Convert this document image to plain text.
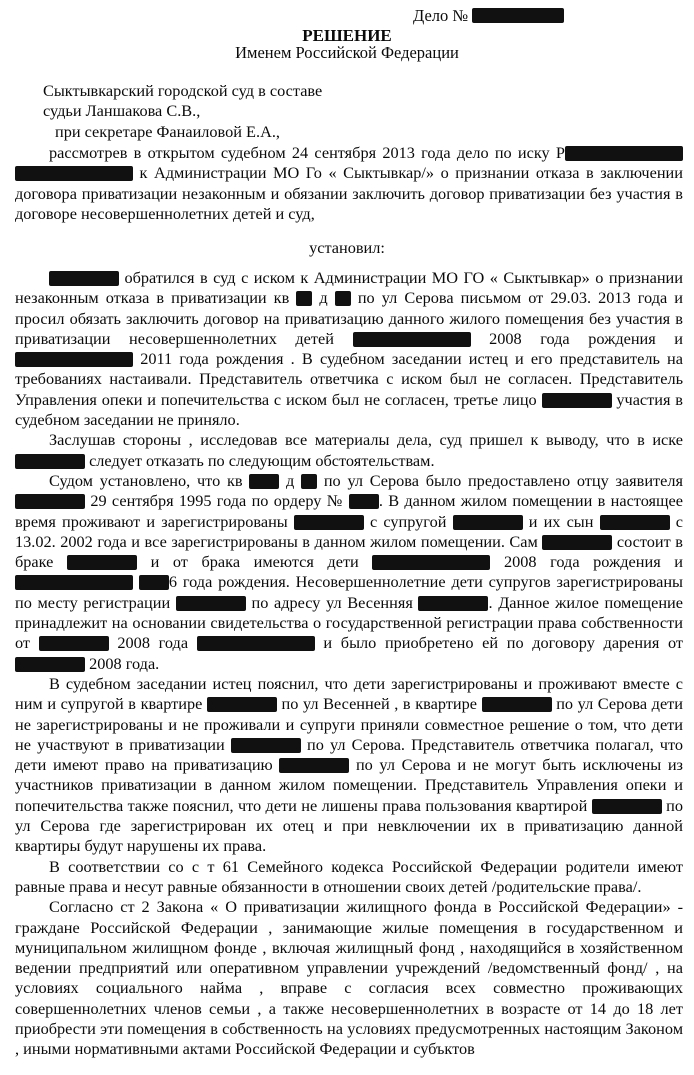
Дело №
РЕШЕНИЕ
Именем Российской Федерации
Сыктывкарский городской суд в составе
судьи Ланшакова С.В.,
при секретаре Фанаиловой Е.А.,

рассмотрев в открытом судебном 24 сентября 2013 года дело по иску Р  к Администрации МО Го « Сыктывкар/» о признании отказа в заключении договора приватизации незаконным и обязании заключить договор приватизации без участия в договоре несовершеннолетних детей и суд,

установил:

обратился в суд с иском к Администрации МО ГО « Сыктывкар» о признании незаконным отказа в приватизации кв д по ул Серова письмом от 29.03. 2013 года и просил обязать заключить договор на приватизацию данного жилого помещения без участия в приватизации несовершеннолетних детей	2008 года рождения и  2011 года рождения . В судебном заседании истец и его представитель на требованиях настаивали. Представитель ответчика с иском был не согласен. Представитель Управления опеки и попечительства с иском был не согласен, третье лицо	участия в судебном заседании не приняло.

Заслушав стороны , исследовав все материалы дела, суд пришел к выводу, что в иске  следует отказать по следующим обстоятельствам.

Судом установлено, что кв	д по ул Серова было предоставлено отцу заявителя  29 сентября 1995 года по ордеру № . В данном жилом помещении в настоящее время проживают и зарегистрированы	с супругой	и их сын	с 13.02. 2002 года и все зарегистрированы в данном жилом помещении. Сам	состоит в браке	и от брака имеются дети	2008 года рождения и  6 года рождения. Несовершеннолетние дети супругов зарегистрированы по месту регистрации	по адресу ул Весенняя	. Данное жилое помещение принадлежит на основании свидетельства о государственной регистрации права собственности от	2008 года	и было приобретено ей по договору дарения от  2008 года.

В судебном заседании истец пояснил, что дети зарегистрированы и проживают вместе с ним и супругой в квартире	по ул Весенней , в квартире	по ул Серова дети не зарегистрированы и не проживали и супруги приняли совместное решение о том, что дети не участвуют в приватизации	по ул Серова. Представитель ответчика полагал, что дети имеют право на приватизацию	по ул Серова и не могут быть исключены из участников приватизации в данном жилом помещении. Представитель Управления опеки и попечительства также пояснил, что дети не лишены права пользования квартирой	по ул Серова где зарегистрирован их отец и при невключении их в приватизацию данной квартиры будут нарушены их права.

В соответствии со с т 61 Семейного кодекса Российской Федерации родители имеют равные права и несут равные обязанности в отношении своих детей /родительские права/.

Согласно ст 2 Закона « О приватизации жилищного фонда в Российской Федерации» - граждане Российской Федерации , занимающие жилые помещения в государственном и муниципальном жилищном фонде , включая жилищный фонд , находящийся в хозяйственном ведении предприятий или оперативном управлении учреждений /ведомственный фонд/ , на условиях социального найма , вправе с согласия всех совместно проживающих совершеннолетних членов семьи , а также несовершеннолетних в возрасте от 14 до 18 лет приобрести эти помещения в собственность на условиях предусмотренных настоящим Законом , иными нормативными актами Российской Федерации и субъктов
